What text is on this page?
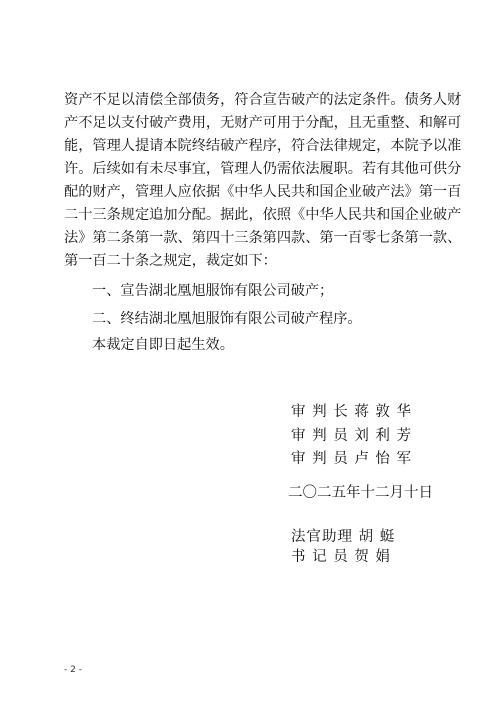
资产不足以清偿全部债务，符合宣告破产的法定条件。债务人财
产不足以支付破产费用，无财产可用于分配，且无重整、和解可
能，管理人提请本院终结破产程序，符合法律规定，本院予以准
许。后续如有未尽事宜，管理人仍需依法履职。若有其他可供分
配的财产，管理人应依据《中华人民共和国企业破产法》第一百
二十三条规定追加分配。据此，依照《中华人民共和国企业破产
法》第二条第一款、第四十三条第四款、第一百零七条第一款、
第一百二十条之规定，裁定如下：
一、宣告湖北凰旭服饰有限公司破产；
二、终结湖北凰旭服饰有限公司破产程序。
本裁定自即日起生效。
审 判 长 蒋 敦 华
审 判 员 刘 利 芳
审 判 员 卢 怡 军
二〇二五年十二月十日
法官助理 胡 蜓
书 记 员 贺 娟
- 2 -
